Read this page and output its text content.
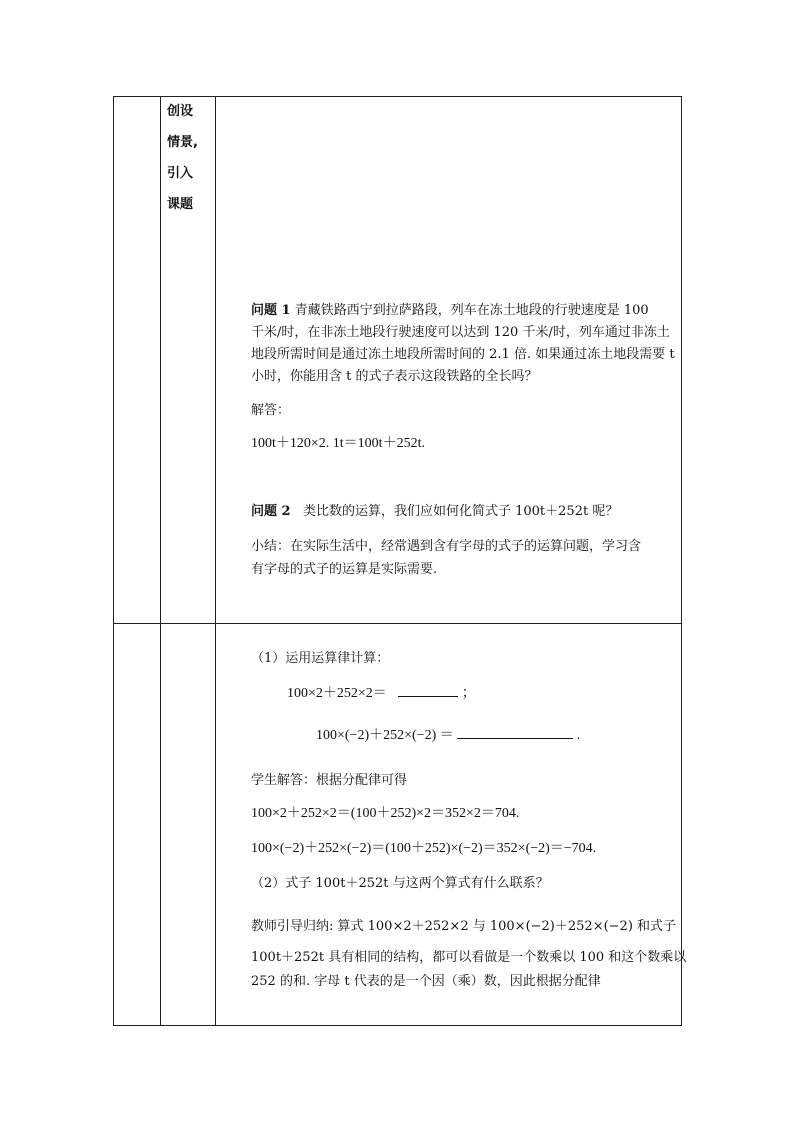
创设
情景,
引入
课题
问题 1 青藏铁路西宁到拉萨路段，列车在冻土地段的行驶速度是 100
千米/时，在非冻土地段行驶速度可以达到 120 千米/时，列车通过非冻土
地段所需时间是通过冻土地段所需时间的 2.1 倍. 如果通过冻土地段需要 t
小时，你能用含 t 的式子表示这段铁路的全长吗？
解答：
100t＋120×2. 1t＝100t＋252t.
问题 2 类比数的运算，我们应如何化简式子 100t＋252t 呢？
小结：在实际生活中，经常遇到含有字母的式子的运算问题，学习含
有字母的式子的运算是实际需要.
（1）运用运算律计算：
100×2＋252×2＝	；
100×(−2)＋252×(−2) ＝	.
学生解答：根据分配律可得
100×2＋252×2＝(100＋252)×2＝352×2＝704.
100×(−2)＋252×(−2)＝(100＋252)×(−2)＝352×(−2)＝−704.
（2）式子 100t＋252t 与这两个算式有什么联系？
教师引导归纳: 算式 100×2＋252×2 与 100×(−2)＋252×(−2) 和式子
100t＋252t 具有相同的结构，都可以看做是一个数乘以 100 和这个数乘以
252 的和. 字母 t 代表的是一个因（乘）数，因此根据分配律
